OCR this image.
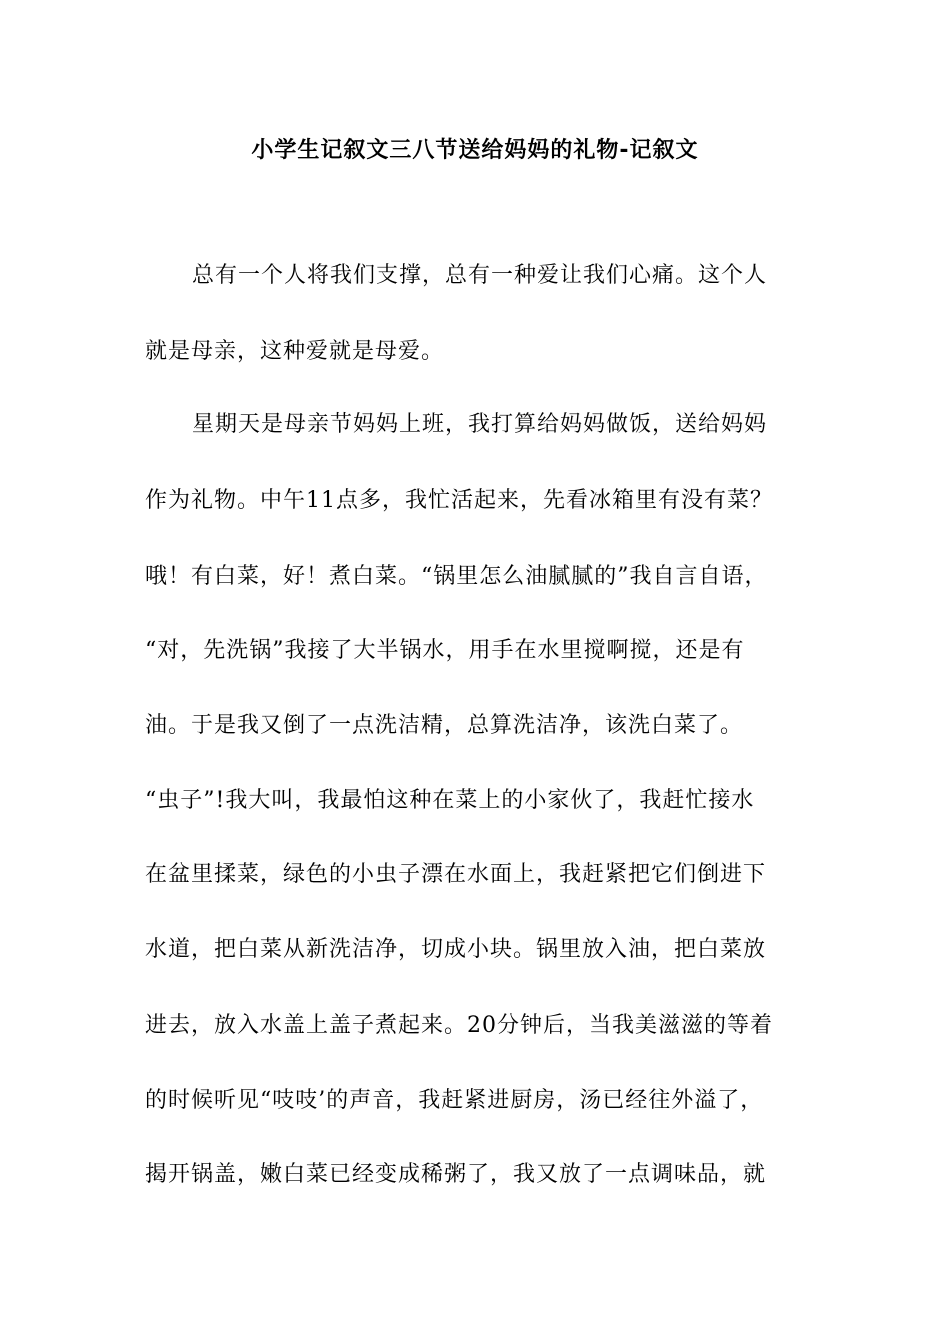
小学生记叙文三八节送给妈妈的礼物-记叙文
总有一个人将我们支撑，总有一种爱让我们心痛。这个人
就是母亲，这种爱就是母爱。
星期天是母亲节妈妈上班，我打算给妈妈做饭，送给妈妈
作为礼物。中午11点多，我忙活起来，先看冰箱里有没有菜？
哦！有白菜，好！煮白菜。“锅里怎么油腻腻的”我自言自语，
“对，先洗锅”我接了大半锅水，用手在水里搅啊搅，还是有
油。于是我又倒了一点洗洁精，总算洗洁净，该洗白菜了。
“虫子”!我大叫，我最怕这种在菜上的小家伙了，我赶忙接水
在盆里揉菜，绿色的小虫子漂在水面上，我赶紧把它们倒进下
水道，把白菜从新洗洁净，切成小块。锅里放入油，把白菜放
进去，放入水盖上盖子煮起来。20分钟后，当我美滋滋的等着
的时候听见“吱吱’的声音，我赶紧进厨房，汤已经往外溢了，
揭开锅盖，嫩白菜已经变成稀粥了，我又放了一点调味品，就
